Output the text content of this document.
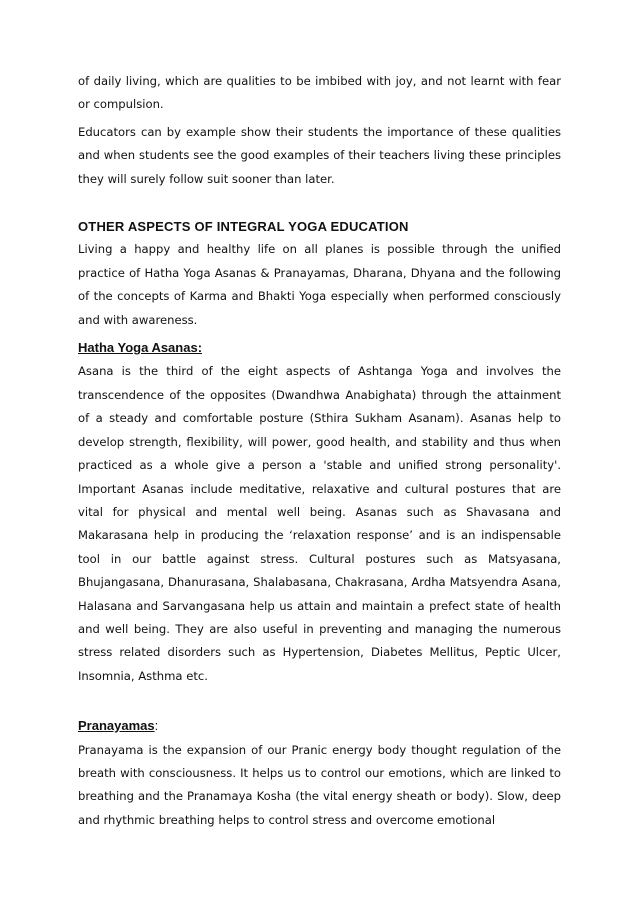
of daily living, which are qualities to be imbibed with joy, and not learnt with fear or compulsion.

Educators can by example show their students the importance of these qualities and when students see the good examples of their teachers living these principles they will surely follow suit sooner than later.

OTHER ASPECTS OF INTEGRAL YOGA EDUCATION

Living a happy and healthy life on all planes is possible through the unified practice of Hatha Yoga Asanas & Pranayamas, Dharana, Dhyana and the following of the concepts of Karma and Bhakti Yoga especially when performed consciously and with awareness.

Hatha Yoga Asanas:

Asana is the third of the eight aspects of Ashtanga Yoga and involves the transcendence of the opposites (Dwandhwa Anabighata) through the attainment of a steady and comfortable posture (Sthira Sukham Asanam). Asanas help to develop strength, flexibility, will power, good health, and stability and thus when practiced as a whole give a person a 'stable and unified strong personality'. Important Asanas include meditative, relaxative and cultural postures that are vital for physical and mental well being. Asanas such as Shavasana and Makarasana help in producing the ‘relaxation response’ and is an indispensable tool in our battle against stress. Cultural postures such as Matsyasana, Bhujangasana, Dhanurasana, Shalabasana, Chakrasana, Ardha Matsyendra Asana, Halasana and Sarvangasana help us attain and maintain a prefect state of health and well being. They are also useful in preventing and managing the numerous stress related disorders such as Hypertension, Diabetes Mellitus, Peptic Ulcer, Insomnia, Asthma etc.

Pranayamas:

Pranayama is the expansion of our Pranic energy body thought regulation of the breath with consciousness. It helps us to control our emotions, which are linked to breathing and the Pranamaya Kosha (the vital energy sheath or body). Slow, deep and rhythmic breathing helps to control stress and overcome emotional
